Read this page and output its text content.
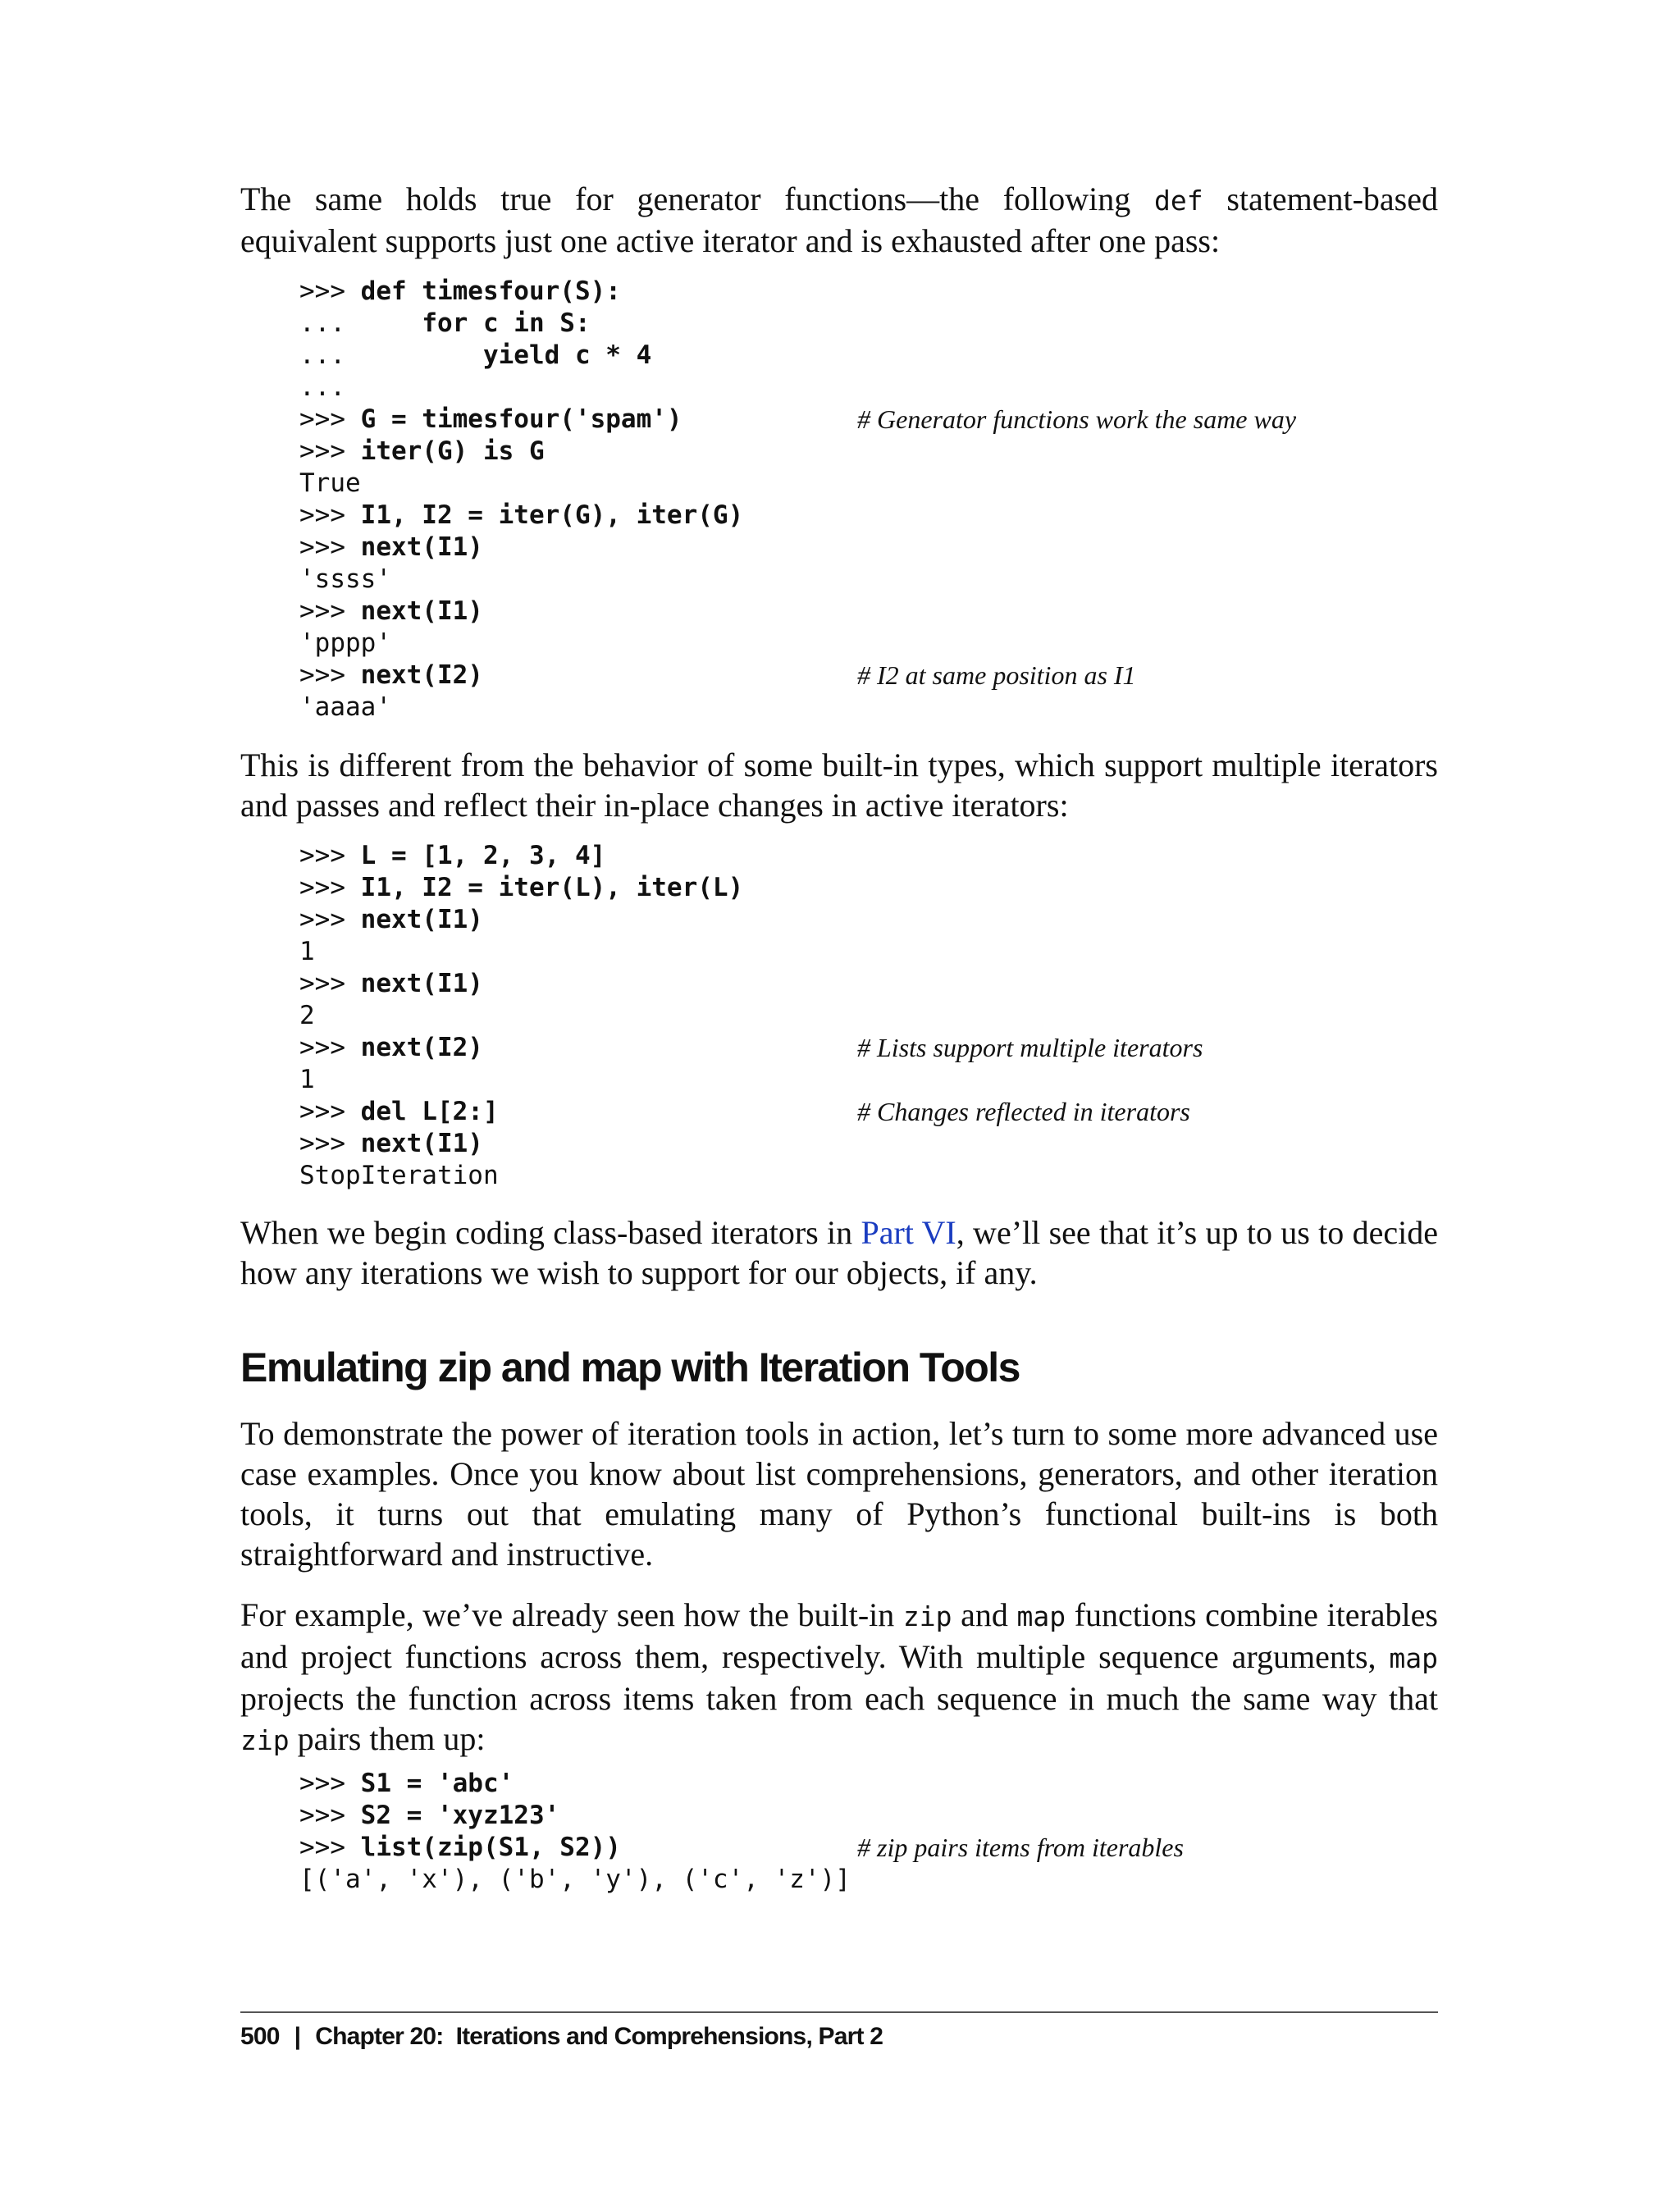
The same holds true for generator functions—the following def statement-based equivalent supports just one active iterator and is exhausted after one pass:

>>> def timesfour(S):
...     for c in S:
...         yield c * 4
...
>>> G = timesfour('spam')	# Generator functions work the same way
>>> iter(G) is G
True
>>> I1, I2 = iter(G), iter(G)
>>> next(I1)
'ssss'
>>> next(I1)
'pppp'
>>> next(I2)	# I2 at same position as I1
'aaaa'

This is different from the behavior of some built-in types, which support multiple iterators and passes and reflect their in-place changes in active iterators:

>>> L = [1, 2, 3, 4]
>>> I1, I2 = iter(L), iter(L)
>>> next(I1)
1
>>> next(I1)
2
>>> next(I2)	# Lists support multiple iterators
1
>>> del L[2:]	# Changes reflected in iterators
>>> next(I1)
StopIteration

When we begin coding class-based iterators in Part VI, we’ll see that it’s up to us to decide how any iterations we wish to support for our objects, if any.

Emulating zip and map with Iteration Tools

To demonstrate the power of iteration tools in action, let’s turn to some more advanced use case examples. Once you know about list comprehensions, generators, and other iteration tools, it turns out that emulating many of Python’s functional built-ins is both straightforward and instructive.

For example, we’ve already seen how the built-in zip and map functions combine iterables and project functions across them, respectively. With multiple sequence arguments, map projects the function across items taken from each sequence in much the same way that zip pairs them up:

>>> S1 = 'abc'
>>> S2 = 'xyz123'
>>> list(zip(S1, S2))	# zip pairs items from iterables
[('a', 'x'), ('b', 'y'), ('c', 'z')]
500 | Chapter 20:  Iterations and Comprehensions, Part 2
